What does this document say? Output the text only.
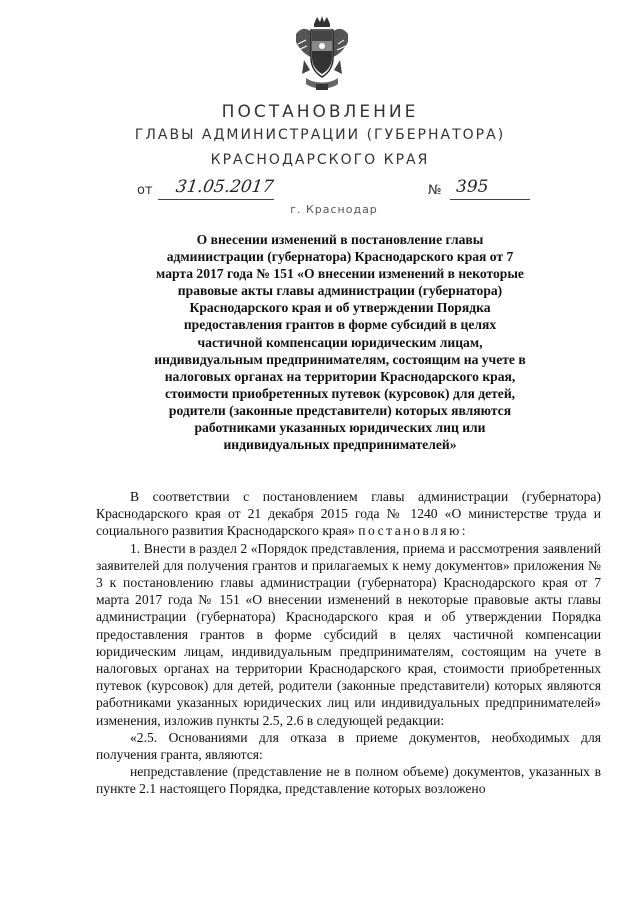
ПОСТАНОВЛЕНИЕ
ГЛАВЫ АДМИНИСТРАЦИИ (ГУБЕРНАТОРА)
КРАСНОДАРСКОГО КРАЯ
от 31.05.2017	№ 395
г. Краснодар

О внесении изменений в постановление главы администрации (губернатора) Краснодарского края от 7 марта 2017 года № 151 «О внесении изменений в некоторые правовые акты главы администрации (губернатора) Краснодарского края и об утверждении Порядка предоставления грантов в форме субсидий в целях частичной компенсации юридическим лицам, индивидуальным предпринимателям, состоящим на учете в налоговых органах на территории Краснодарского края, стоимости приобретенных путевок (курсовок) для детей, родители (законные представители) которых являются работниками указанных юридических лиц или индивидуальных предпринимателей»

В соответствии с постановлением главы администрации (губернатора) Краснодарского края от 21 декабря 2015 года № 1240 «О министерстве труда и социального развития Краснодарского края» постановляю:

1. Внести в раздел 2 «Порядок представления, приема и рассмотрения заявлений заявителей для получения грантов и прилагаемых к нему документов» приложения № 3 к постановлению главы администрации (губернатора) Краснодарского края от 7 марта 2017 года № 151 «О внесении изменений в некоторые правовые акты главы администрации (губернатора) Краснодарского края и об утверждении Порядка предоставления грантов в форме субсидий в целях частичной компенсации юридическим лицам, индивидуальным предпринимателям, состоящим на учете в налоговых органах на территории Краснодарского края, стоимости приобретенных путевок (курсовок) для детей, родители (законные представители) которых являются работниками указанных юридических лиц или индивидуальных предпринимателей» изменения, изложив пункты 2.5, 2.6 в следующей редакции:

«2.5. Основаниями для отказа в приеме документов, необходимых для получения гранта, являются:

непредставление (представление не в полном объеме) документов, указанных в пункте 2.1 настоящего Порядка, представление которых возложено
